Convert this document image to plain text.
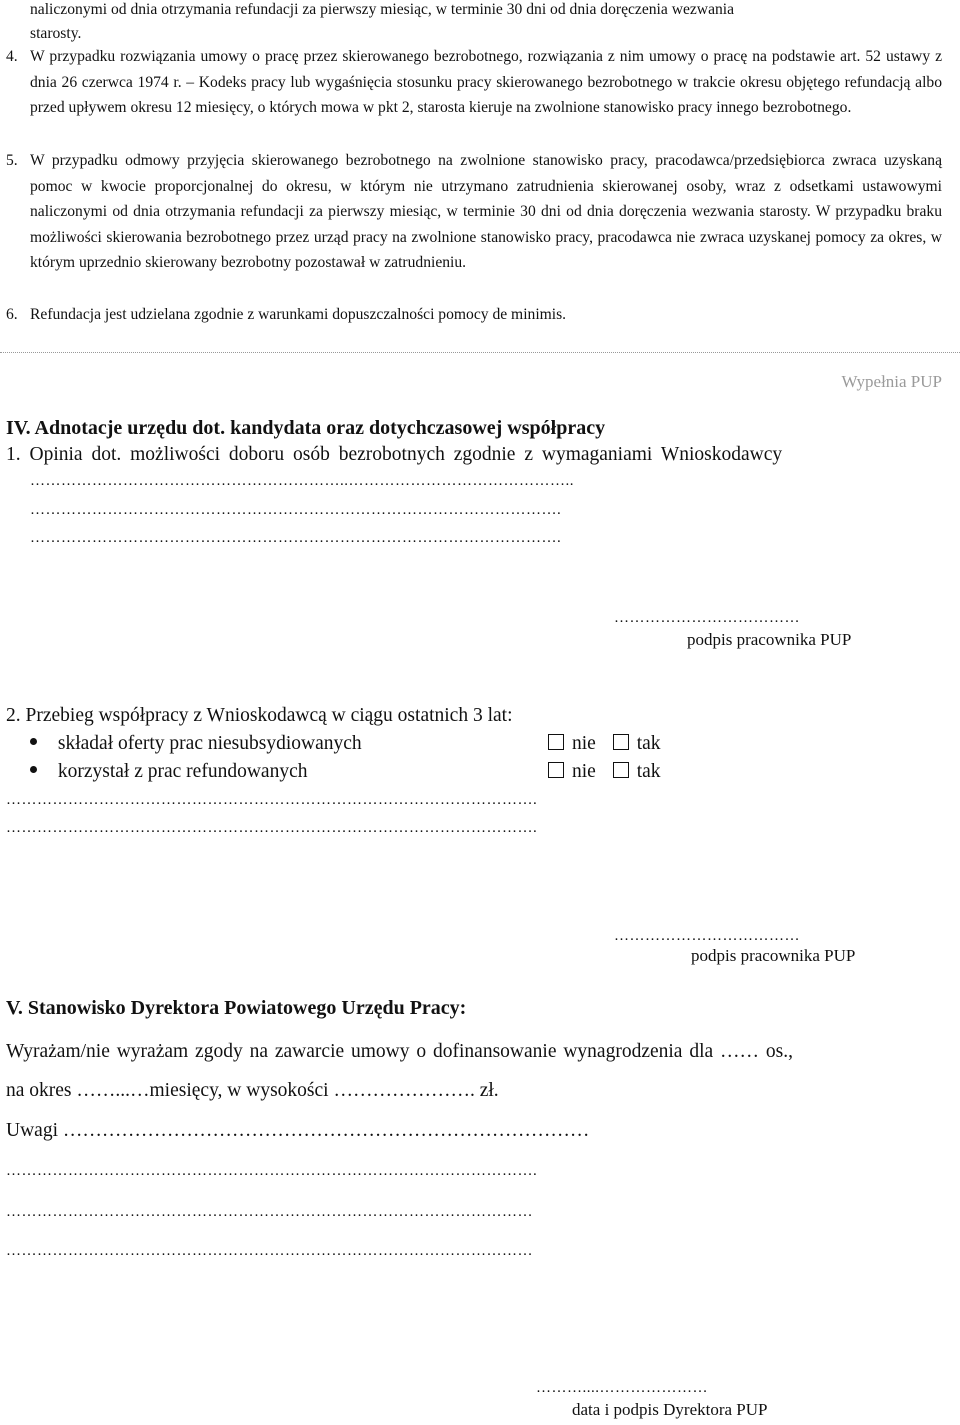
naliczonymi od dnia otrzymania refundacji za pierwszy miesiąc, w terminie 30 dni od dnia doręczenia wezwania
starosty.
4. W przypadku rozwiązania umowy o pracę przez skierowanego bezrobotnego, rozwiązania z nim umowy o pracę na podstawie art. 52 ustawy z dnia 26 czerwca 1974 r. – Kodeks pracy lub wygaśnięcia stosunku pracy skierowanego bezrobotnego w trakcie okresu objętego refundacją albo przed upływem okresu 12 miesięcy, o których mowa w pkt 2, starosta kieruje na zwolnione stanowisko pracy innego bezrobotnego.
5. W przypadku odmowy przyjęcia skierowanego bezrobotnego na zwolnione stanowisko pracy, pracodawca/przedsiębiorca zwraca uzyskaną pomoc w kwocie proporcjonalnej do okresu, w którym nie utrzymano zatrudnienia skierowanej osoby, wraz z odsetkami ustawowymi naliczonymi od dnia otrzymania refundacji za pierwszy miesiąc, w terminie 30 dni od dnia doręczenia wezwania starosty. W przypadku braku możliwości skierowania bezrobotnego przez urząd pracy na zwolnione stanowisko pracy, pracodawca nie zwraca uzyskanej pomocy za okres, w którym uprzednio skierowany bezrobotny pozostawał w zatrudnieniu.
6. Refundacja jest udzielana zgodnie z warunkami dopuszczalności pomocy de minimis.
Wypełnia PUP
IV. Adnotacje urzędu dot. kandydata oraz dotychczasowej współpracy
1. Opinia dot. możliwości doboru osób bezrobotnych zgodnie z wymaganiami Wnioskodawcy
……………………………………………………..……………………………………..
………………………………………………………………………………………….
………………………………………………………………………………………….
………………………………
podpis pracownika PUP
2. Przebieg współpracy z Wnioskodawcą w ciągu ostatnich 3 lat:
składał oferty prac niesubsydiowanych	nie tak
korzystał z prac refundowanych	nie tak
………………………………………………………………………………………….
………………………………………………………………………………………….
………………………………
podpis pracownika PUP
V. Stanowisko Dyrektora Powiatowego Urzędu Pracy:
Wyrażam/nie wyrażam zgody na zawarcie umowy o dofinansowanie wynagrodzenia dla …… os.,
na okres ……...…miesięcy, w wysokości …………………. zł.
Uwagi ………………………………………………………………………
………………………………………………………………………………………….
…………………………………………………………………………………………
…………………………………………………………………………………………
………....…………………
data i podpis Dyrektora PUP
